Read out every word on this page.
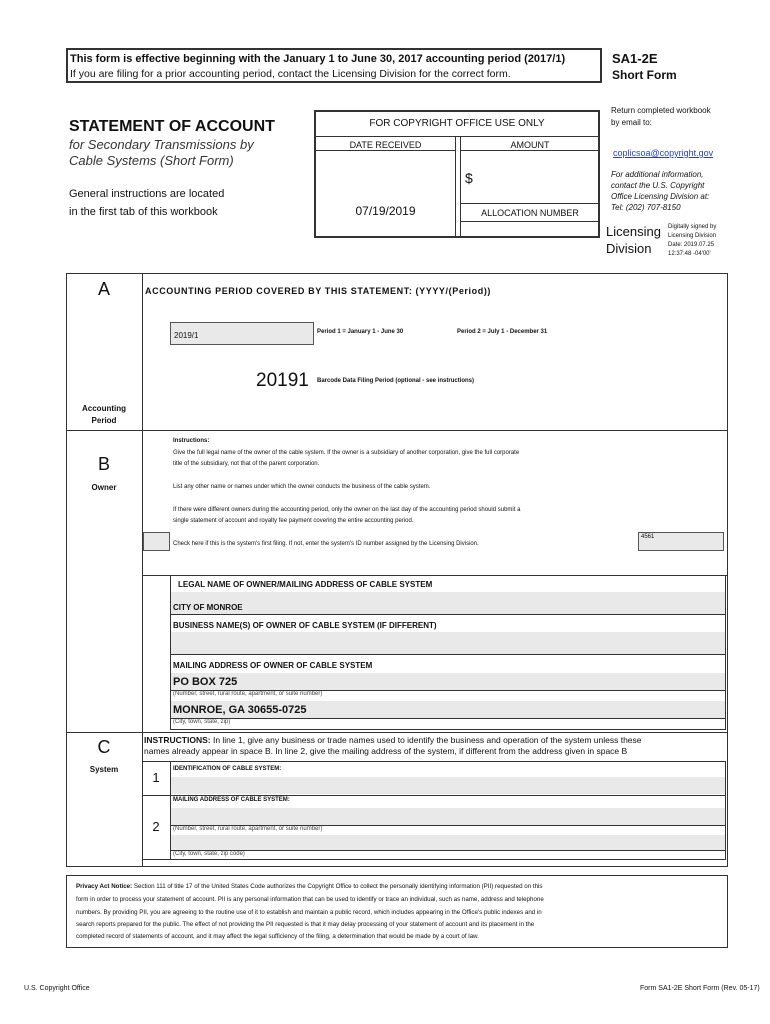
This form is effective beginning with the January 1 to June 30, 2017 accounting period (2017/1)
If you are filing for a prior accounting period, contact the Licensing Division for the correct form.
SA1-2E
Short Form
STATEMENT OF ACCOUNT
for Secondary Transmissions by
Cable Systems (Short Form)
General instructions are located
in the first tab of this workbook
FOR COPYRIGHT OFFICE USE ONLY
DATE RECEIVED	AMOUNT
07/19/2019
$
ALLOCATION NUMBER
Return completed workbook
by email to:
coplicsoa@copyright.gov
For additional information,
contact the U.S. Copyright
Office Licensing Division at:
Tel: (202) 707-8150
Licensing
Division
Digitally signed by
Licensing Division
Date: 2019.07.25
12:37:48 -04'00'
A
Accounting
Period
ACCOUNTING PERIOD COVERED BY THIS STATEMENT: (YYYY/(Period))
2019/1	Period 1 = January 1 - June 30	Period 2 = July 1 - December 31
20191 Barcode Data Filing Period (optional - see instructions)
B
Owner
Instructions:
Give the full legal name of the owner of the cable system. If the owner is a subsidiary of another corporation, give the full corporate
title of the subsidiary, not that of the parent corporation.
List any other name or names under which the owner conducts the business of the cable system.
If there were different owners during the accounting period, only the owner on the last day of the accounting period should submit a
single statement of account and royalty fee payment covering the entire accounting period.
Check here if this is the system's first filing. If not, enter the system's ID number assigned by the Licensing Division.
4561
LEGAL NAME OF OWNER/MAILING ADDRESS OF CABLE SYSTEM
CITY OF MONROE
BUSINESS NAME(S) OF OWNER OF CABLE SYSTEM (IF DIFFERENT)
MAILING ADDRESS OF OWNER OF CABLE SYSTEM
PO BOX 725
(Number, street, rural route, apartment, or suite number)
MONROE, GA 30655-0725
(City, town, state, zip)
C
System
INSTRUCTIONS: In line 1, give any business or trade names used to identify the business and operation of the system unless these
names already appear in space B. In line 2, give the mailing address of the system, if different from the address given in space B
1
IDENTIFICATION OF CABLE SYSTEM:
2
MAILING ADDRESS OF CABLE SYSTEM:
(Number, street, rural route, apartment, or suite number)
(City, town, state, zip code)
Privacy Act Notice: Section 111 of title 17 of the United States Code authorizes the Copyright Office to collect the personally identifying information (PII) requested on this
form in order to process your statement of account. PII is any personal information that can be used to identify or trace an individual, such as name, address and telephone
numbers. By providing PII, you are agreeing to the routine use of it to establish and maintain a public record, which includes appearing in the Office's public indexes and in
search reports prepared for the public. The effect of not providing the PII requested is that it may delay processing of your statement of account and its placement in the
completed record of statements of account, and it may affect the legal sufficiency of the filing, a determination that would be made by a court of law.
U.S. Copyright Office	Form SA1-2E Short Form (Rev. 05-17)
